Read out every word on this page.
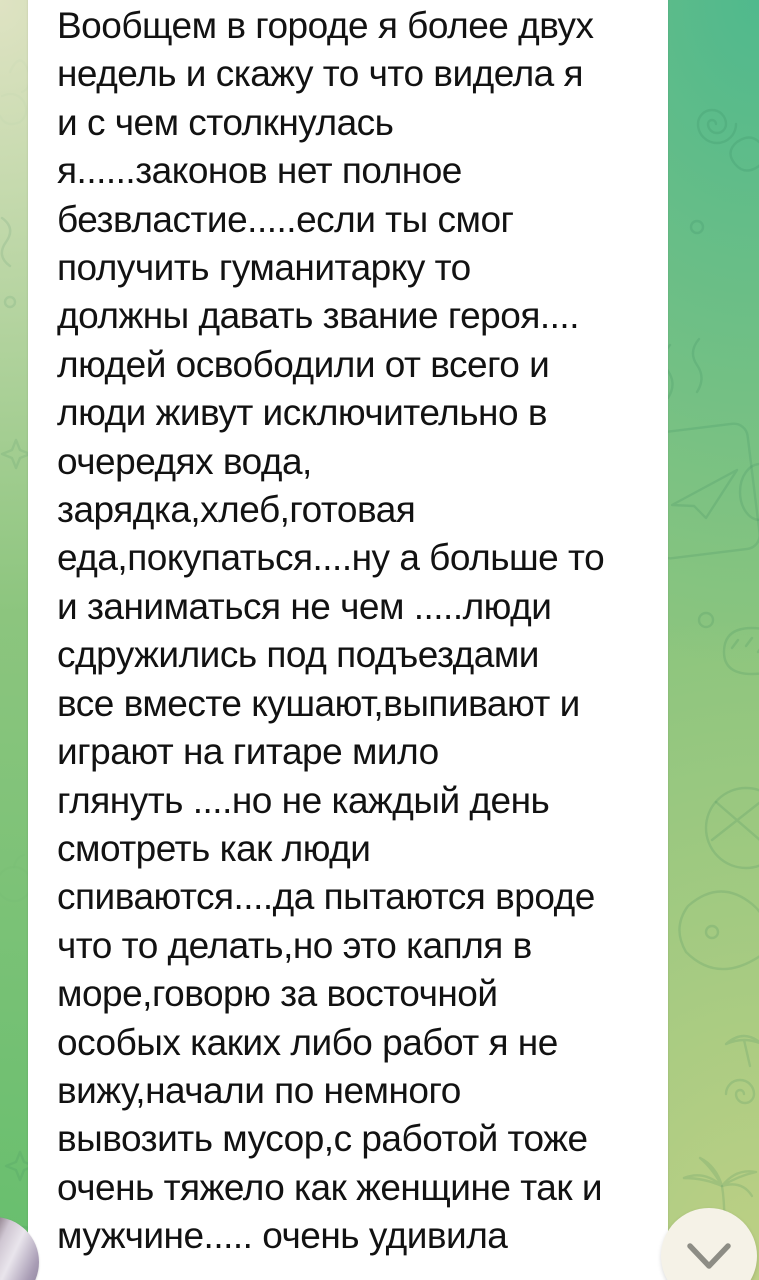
Вообщем в городе я более двух
недель и скажу то что видела я
и с чем столкнулась
я......законов нет полное
безвластие.....если ты смог
получить гуманитарку то
должны давать звание героя....
людей освободили от всего и
люди живут исключительно в
очередях вода,
зарядка,хлеб,готовая
еда,покупаться....ну а больше то
и заниматься не чем .....люди
сдружились под подъездами
все вместе кушают,выпивают и
играют на гитаре мило
глянуть ....но не каждый день
смотреть как люди
спиваются....да пытаются вроде
что то делать,но это капля в
море,говорю за восточной
особых каких либо работ я не
вижу,начали по немного
вывозить мусор,с работой тоже
очень тяжело как женщине так и
мужчине..... очень удивила
